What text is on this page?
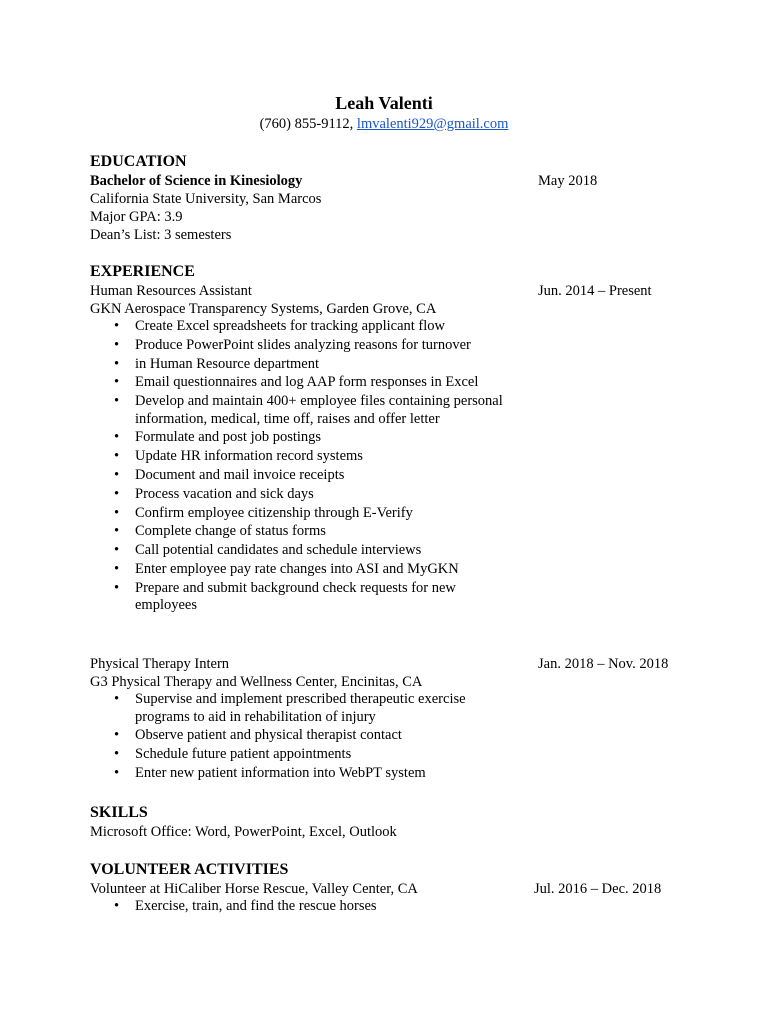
Leah Valenti
(760) 855-9112, lmvalenti929@gmail.com
EDUCATION
Bachelor of Science in Kinesiology	May 2018
California State University, San Marcos
Major GPA: 3.9
Dean’s List: 3 semesters
EXPERIENCE
Human Resources Assistant	Jun. 2014 – Present
GKN Aerospace Transparency Systems, Garden Grove, CA
• Create Excel spreadsheets for tracking applicant flow
• Produce PowerPoint slides analyzing reasons for turnover
• in Human Resource department
• Email questionnaires and log AAP form responses in Excel
• Develop and maintain 400+ employee files containing personal information, medical, time off, raises and offer letter
• Formulate and post job postings
• Update HR information record systems
• Document and mail invoice receipts
• Process vacation and sick days
• Confirm employee citizenship through E-Verify
• Complete change of status forms
• Call potential candidates and schedule interviews
• Enter employee pay rate changes into ASI and MyGKN
• Prepare and submit background check requests for new employees
Physical Therapy Intern	Jan. 2018 – Nov. 2018
G3 Physical Therapy and Wellness Center, Encinitas, CA
• Supervise and implement prescribed therapeutic exercise programs to aid in rehabilitation of injury
• Observe patient and physical therapist contact
• Schedule future patient appointments
• Enter new patient information into WebPT system
SKILLS
Microsoft Office: Word, PowerPoint, Excel, Outlook
VOLUNTEER ACTIVITIES
Volunteer at HiCaliber Horse Rescue, Valley Center, CA	Jul. 2016 – Dec. 2018
• Exercise, train, and find the rescue horses
